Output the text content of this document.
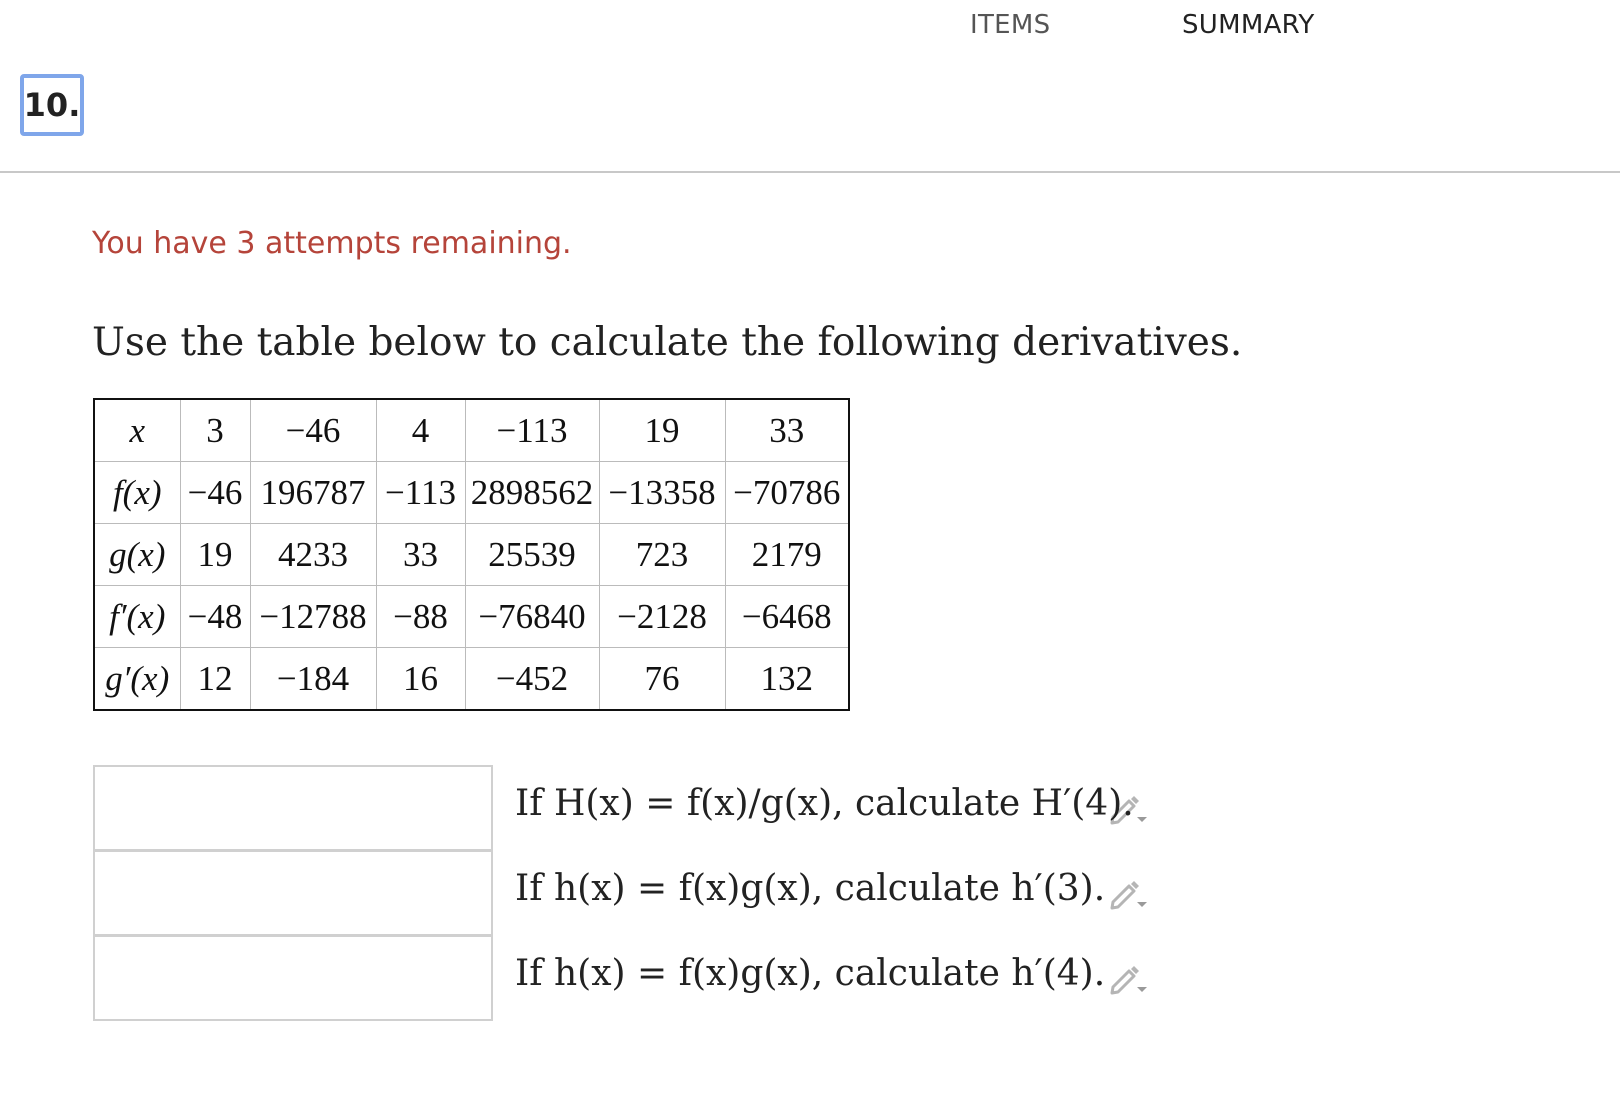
ITEMS	SUMMARY
10.
You have 3 attempts remaining.
Use the table below to calculate the following derivatives.
x	3	−46	4	−113	19	33
f(x)	−46	196787	−113	2898562	−13358	−70786
g(x)	19	4233	33	25539	723	2179
f′(x)	−48	−12788	−88	−76840	−2128	−6468
g′(x)	12	−184	16	−452	76	132
If H(x) = f(x)/g(x), calculate H′(4).
If h(x) = f(x)g(x), calculate h′(3).
If h(x) = f(x)g(x), calculate h′(4).
